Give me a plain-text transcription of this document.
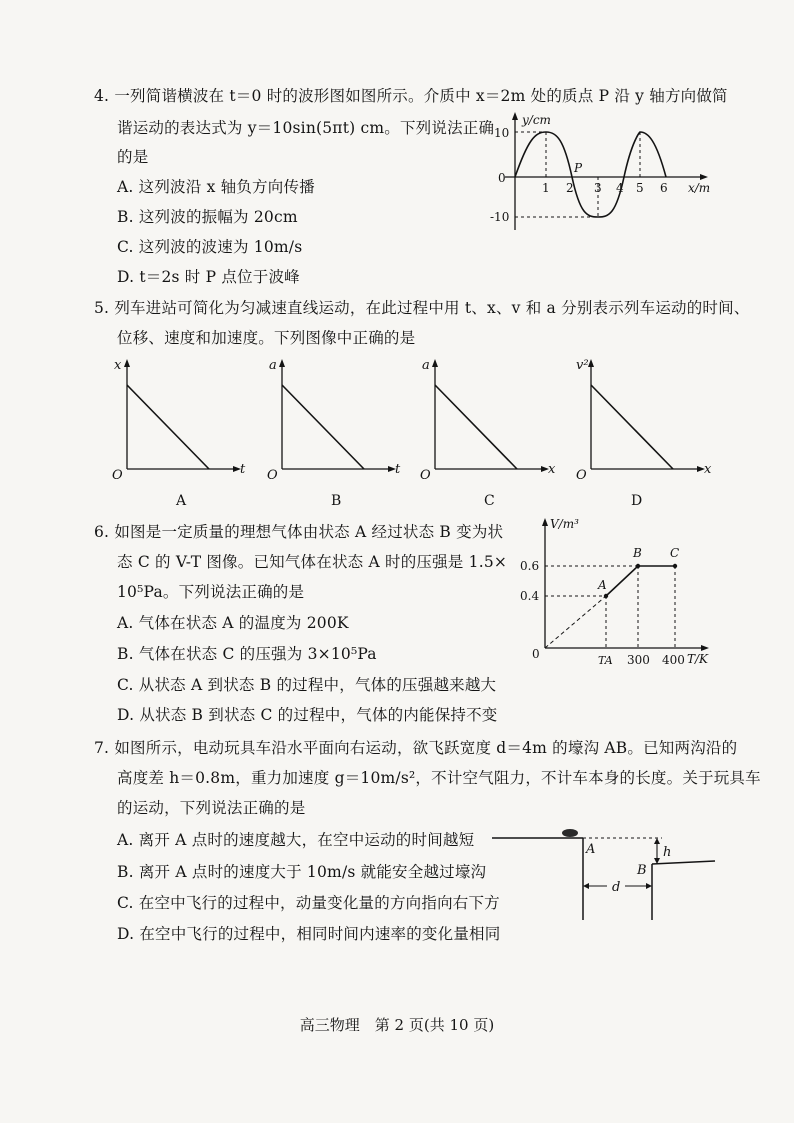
4. 一列简谐横波在 t＝0 时的波形图如图所示。介质中 x＝2m 处的质点 P 沿 y 轴方向做简
谐运动的表达式为 y＝10sin(5πt) cm。下列说法正确
的是
A. 这列波沿 x 轴负方向传播
B. 这列波的振幅为 20cm
C. 这列波的波速为 10m/s
D. t＝2s 时 P 点位于波峰
y/cm
x/m
0
10
-10
1 2 3 4 5 6
P
5. 列车进站可简化为匀减速直线运动，在此过程中用 t、x、v 和 a 分别表示列车运动的时间、
位移、速度和加速度。下列图像中正确的是
x
t
O
A
a
t
O
B
a
x
O
C
v²
x
O
D
6. 如图是一定质量的理想气体由状态 A 经过状态 B 变为状
态 C 的 V-T 图像。已知气体在状态 A 时的压强是 1.5×
10⁵Pa。下列说法正确的是
A. 气体在状态 A 的温度为 200K
B. 气体在状态 C 的压强为 3×10⁵Pa
C. 从状态 A 到状态 B 的过程中，气体的压强越来越大
D. 从状态 B 到状态 C 的过程中，气体的内能保持不变
V/m³
T/K
0
0.6
0.4
A
B C
TA 300 400
7. 如图所示，电动玩具车沿水平面向右运动，欲飞跃宽度 d＝4m 的壕沟 AB。已知两沟沿的
高度差 h＝0.8m，重力加速度 g＝10m/s²，不计空气阻力，不计车本身的长度。关于玩具车
的运动，下列说法正确的是
A. 离开 A 点时的速度越大，在空中运动的时间越短
B. 离开 A 点时的速度大于 10m/s 就能安全越过壕沟
C. 在空中飞行的过程中，动量变化量的方向指向右下方
D. 在空中飞行的过程中，相同时间内速率的变化量相同
h
d
A
B
高三物理　第 2 页(共 10 页)
